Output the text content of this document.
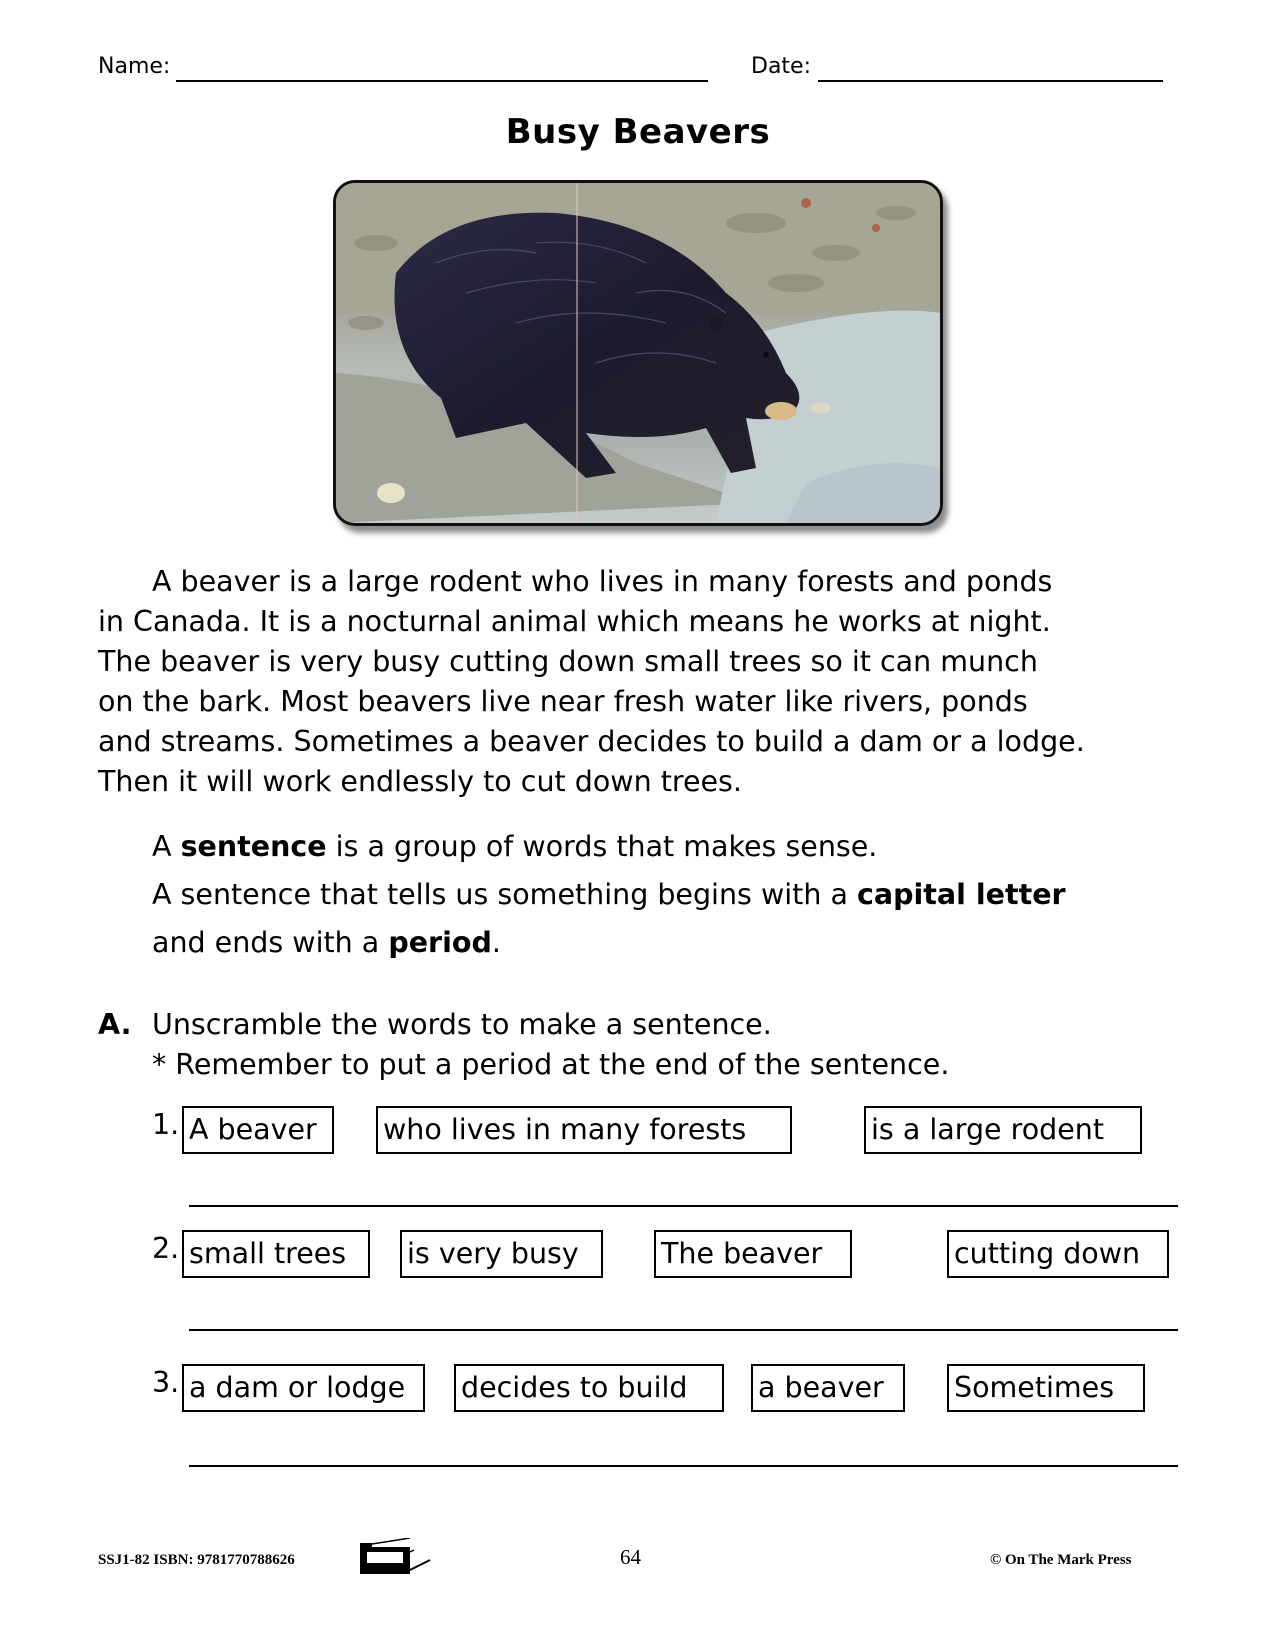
Name:	Date:
Busy Beavers
A beaver is a large rodent who lives in many forests and ponds
in Canada. It is a nocturnal animal which means he works at night.
The beaver is very busy cutting down small trees so it can munch
on the bark. Most beavers live near fresh water like rivers, ponds
and streams. Sometimes a beaver decides to build a dam or a lodge.
Then it will work endlessly to cut down trees.
A sentence is a group of words that makes sense.
A sentence that tells us something begins with a capital letter
and ends with a period.
A. Unscramble the words to make a sentence.
* Remember to put a period at the end of the sentence.
1. A beaver	who lives in many forests	is a large rodent
2. small trees	is very busy	The beaver	cutting down
3. a dam or lodge	decides to build	a beaver	Sometimes
SSJ1-82 ISBN: 9781770788626	64	© On The Mark Press
